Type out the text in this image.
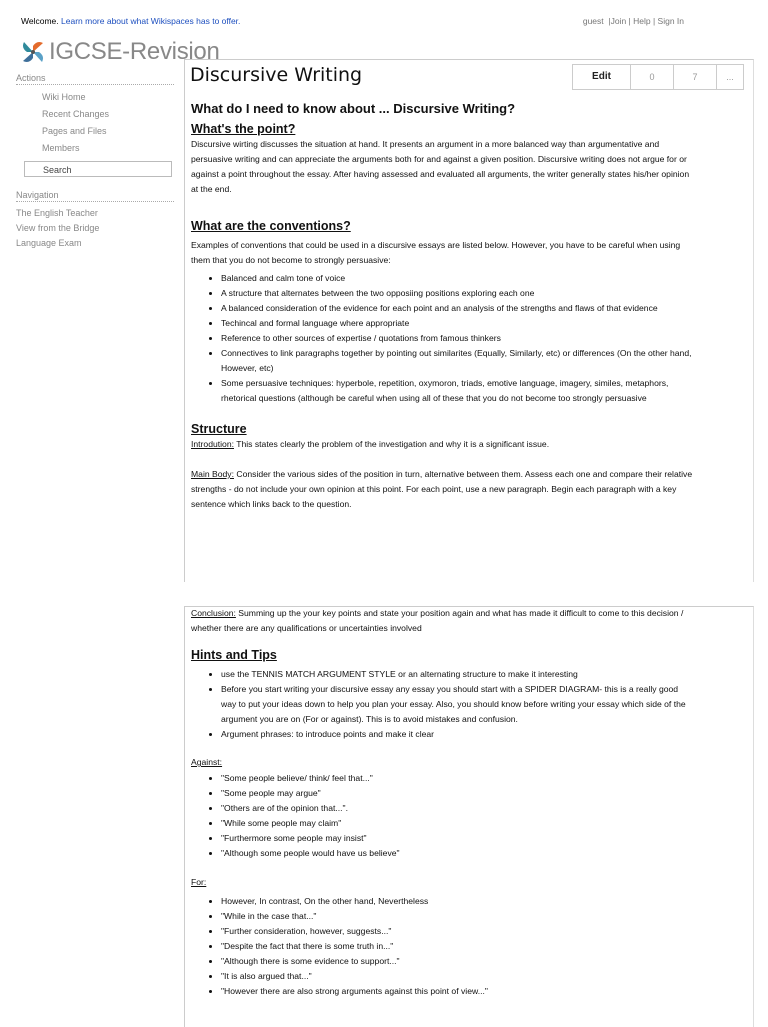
Welcome. Learn more about what Wikispaces has to offer.	guest  |Join | Help | Sign In
IGCSE-Revision
Actions
Wiki Home
Recent Changes
Pages and Files
Members
Search
Navigation
The English Teacher
View from the Bridge
Language Exam
Discursive Writing	Edit	0	7	...
What do I need to know about ... Discursive Writing?
What's the point?

Discursive wirting discusses the situation at hand. It presents an argument in a more balanced way than argumentative and persuasive writing and can appreciate the arguments both for and against a given position. Discursive writing does not argue for or against a point throughout the essay. After having assessed and evaluated all arguments, the writer generally states his/her opinion at the end.

What are the conventions?

Examples of conventions that could be used in a discursive essays are listed below. However, you have to be careful when using them that you do not become to strongly persuasive:

• Balanced and calm tone of voice
• A structure that alternates between the two opposiing positions exploring each one
• A balanced consideration of the evidence for each point and an analysis of the strengths and flaws of that evidence
• Techincal and formal language where appropriate
• Reference to other sources of expertise / quotations from famous thinkers
• Connectives to link paragraphs together by pointing out similarites (Equally, Similarly, etc) or differences (On the other hand, However, etc)
• Some persuasive techniques: hyperbole, repetition, oxymoron, triads, emotive language, imagery, similes, metaphors, rhetorical questions (although be careful when using all of these that you do not become too strongly persuasive
Structure

Introdution: This states clearly the problem of the investigation and why it is a significant issue.

Main Body: Consider the various sides of the position in turn, alternative between them. Assess each one and compare their relative strengths - do not include your own opinion at this point. For each point, use a new paragraph. Begin each paragraph with a key sentence which links back to the question.

Conclusion: Summing up the your key points and state your position again and what has made it difficult to come to this decision / whether there are any qualifications or uncertainties involved

Hints and Tips
• use the TENNIS MATCH ARGUMENT STYLE or an alternating structure to make it interesting
• Before you start writing your discursive essay any essay you should start with a SPIDER DIAGRAM- this is a really good way to put your ideas down to help you plan your essay. Also, you should know before writing your essay which side of the argument you are on (For or against). This is to avoid mistakes and confusion.
• Argument phrases: to introduce points and make it clear

Against:

• "Some people believe/ think/ feel that..."
• "Some people may argue"
• "Others are of the opinion that...".
• "While some people may claim"
• "Furthermore some people may insist"
• "Although some people would have us believe"

For:

• However, In contrast, On the other hand, Nevertheless
• "While in the case that..."
• "Further consideration, however, suggests..."
• "Despite the fact that there is some truth in..."
• "Although there is some evidence to support..."
• "It is also argued that..."
• "However there are also strong arguments against this point of view..."
